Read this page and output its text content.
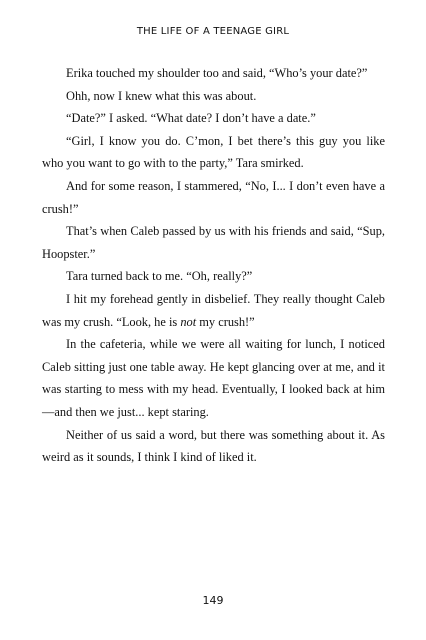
THE LIFE OF A TEENAGE GIRL

Erika touched my shoulder too and said, “Who’s your date?”

Ohh, now I knew what this was about.

“Date?” I asked. “What date? I don’t have a date.”

“Girl, I know you do. C’mon, I bet there’s this guy you like who you want to go with to the party,” Tara smirked.

And for some reason, I stammered, “No, I... I don’t even have a crush!”

That’s when Caleb passed by us with his friends and said, “Sup, Hoopster.”

Tara turned back to me. “Oh, really?”

I hit my forehead gently in disbelief. They really thought Caleb was my crush. “Look, he is not my crush!”

In the cafeteria, while we were all waiting for lunch, I noticed Caleb sitting just one table away. He kept glancing over at me, and it was starting to mess with my head. Eventually, I looked back at him—and then we just... kept staring.

Neither of us said a word, but there was something about it. As weird as it sounds, I think I kind of liked it.

149
